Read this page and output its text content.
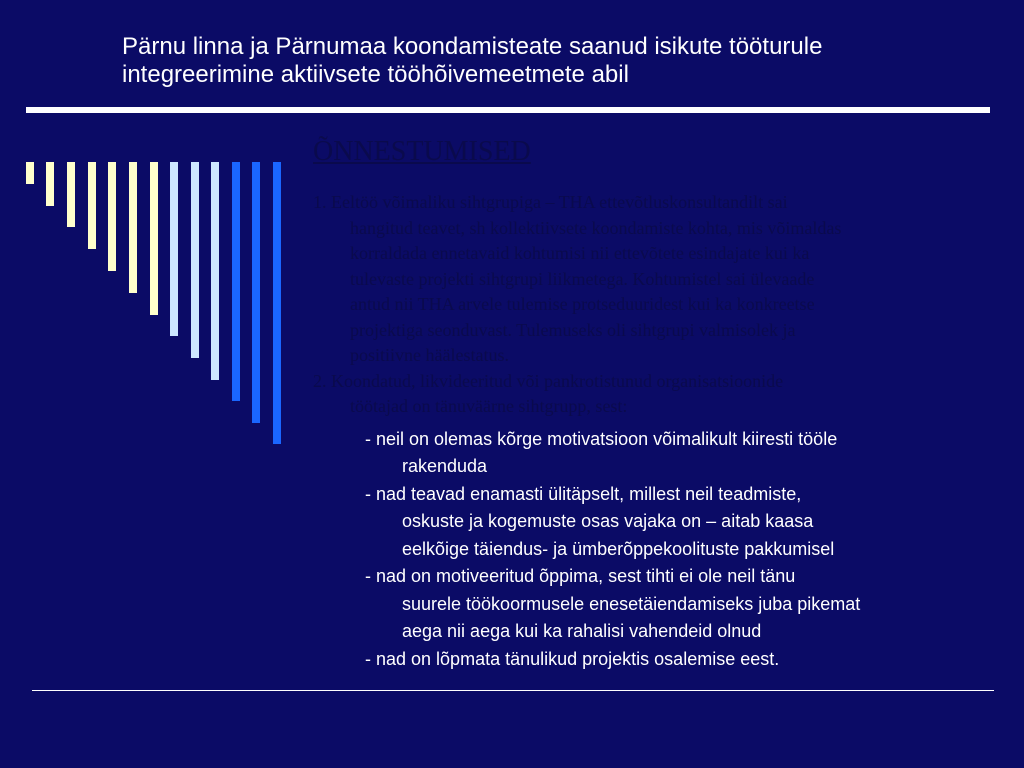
Pärnu linna ja Pärnumaa koondamisteate saanud isikute tööturule
integreerimine aktiivsete tööhõivemeetmete abil
ÕNNESTUMISED
1. Eeltöö võimaliku sihtgrupiga – THA ettevõtluskonsultandilt sai
hangitud teavet, sh kollektiivsete koondamiste kohta, mis võimaldas
korraldada ennetavaid kohtumisi nii ettevõtete esindajate kui ka
tulevaste projekti sihtgrupi liikmetega. Kohtumistel sai ülevaade
antud nii THA arvele tulemise protseduuridest kui ka konkreetse
projektiga seonduvast. Tulemuseks oli sihtgrupi valmisolek ja
positiivne häälestatus.
2. Koondatud, likvideeritud või pankrotistunud organisatsioonide
töötajad on tänuväärne sihtgrupp, sest:
- neil on olemas kõrge motivatsioon võimalikult kiiresti tööle
rakenduda
- nad teavad enamasti ülitäpselt, millest neil teadmiste,
oskuste ja kogemuste osas vajaka on – aitab kaasa
eelkõige täiendus- ja ümberõppekoolituste pakkumisel
- nad on motiveeritud õppima, sest tihti ei ole neil tänu
suurele töökoormusele enesetäiendamiseks juba pikemat
aega nii aega kui ka rahalisi vahendeid olnud
- nad on lõpmata tänulikud projektis osalemise eest.
